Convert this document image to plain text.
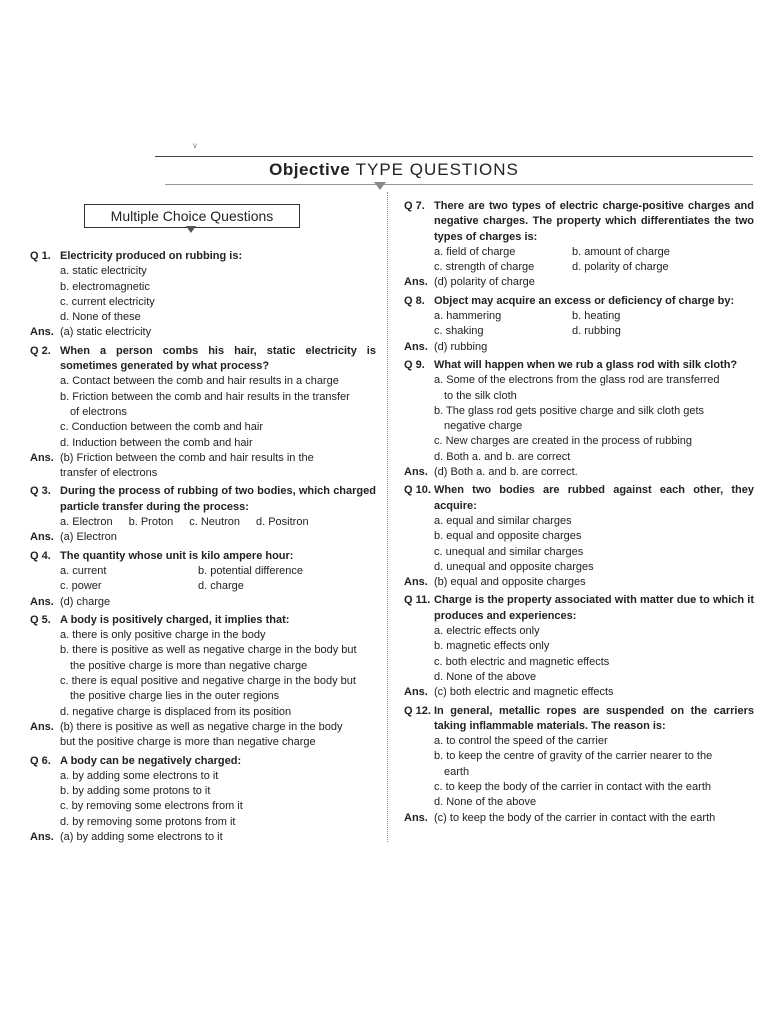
v
Objective TYPE QUESTIONS
Multiple Choice Questions
Q 1. Electricity produced on rubbing is:
a. static electricity
b. electromagnetic
c. current electricity
d. None of these
Ans. (a) static electricity
Q 2. When a person combs his hair, static electricity is sometimes generated by what process?
a. Contact between the comb and hair results in a charge
b. Friction between the comb and hair results in the transfer
of electrons
c. Conduction between the comb and hair
d. Induction between the comb and hair
Ans. (b) Friction between the comb and hair results in the
transfer of electrons
Q 3. During the process of rubbing of two bodies, which charged particle transfer during the process:
a. Electron b. Proton c. Neutron d. Positron
Ans. (a) Electron
Q 4. The quantity whose unit is kilo ampere hour:
a. current	b. potential difference
c. power	d. charge
Ans. (d) charge
Q 5. A body is positively charged, it implies that:
a. there is only positive charge in the body
b. there is positive as well as negative charge in the body but
the positive charge is more than negative charge
c. there is equal positive and negative charge in the body but
the positive charge lies in the outer regions
d. negative charge is displaced from its position
Ans. (b) there is positive as well as negative charge in the body
but the positive charge is more than negative charge
Q 6. A body can be negatively charged:
a. by adding some electrons to it
b. by adding some protons to it
c. by removing some electrons from it
d. by removing some protons from it
Ans. (a) by adding some electrons to it
Q 7. There are two types of electric charge-positive charges and negative charges. The property which differentiates the two types of charges is:
a. field of charge	b. amount of charge
c. strength of charge	d. polarity of charge
Ans. (d) polarity of charge
Q 8. Object may acquire an excess or deficiency of charge by:
a. hammering	b. heating
c. shaking	d. rubbing
Ans. (d) rubbing
Q 9. What will happen when we rub a glass rod with silk cloth?
a. Some of the electrons from the glass rod are transferred
to the silk cloth
b. The glass rod gets positive charge and silk cloth gets
negative charge
c. New charges are created in the process of rubbing
d. Both a. and b. are correct
Ans. (d) Both a. and b. are correct.
Q 10. When two bodies are rubbed against each other, they acquire:
a. equal and similar charges
b. equal and opposite charges
c. unequal and similar charges
d. unequal and opposite charges
Ans. (b) equal and opposite charges
Q 11. Charge is the property associated with matter due to which it produces and experiences:
a. electric effects only
b. magnetic effects only
c. both electric and magnetic effects
d. None of the above
Ans. (c) both electric and magnetic effects
Q 12. In general, metallic ropes are suspended on the carriers taking inflammable materials. The reason is:
a. to control the speed of the carrier
b. to keep the centre of gravity of the carrier nearer to the
earth
c. to keep the body of the carrier in contact with the earth
d. None of the above
Ans. (c) to keep the body of the carrier in contact with the earth
